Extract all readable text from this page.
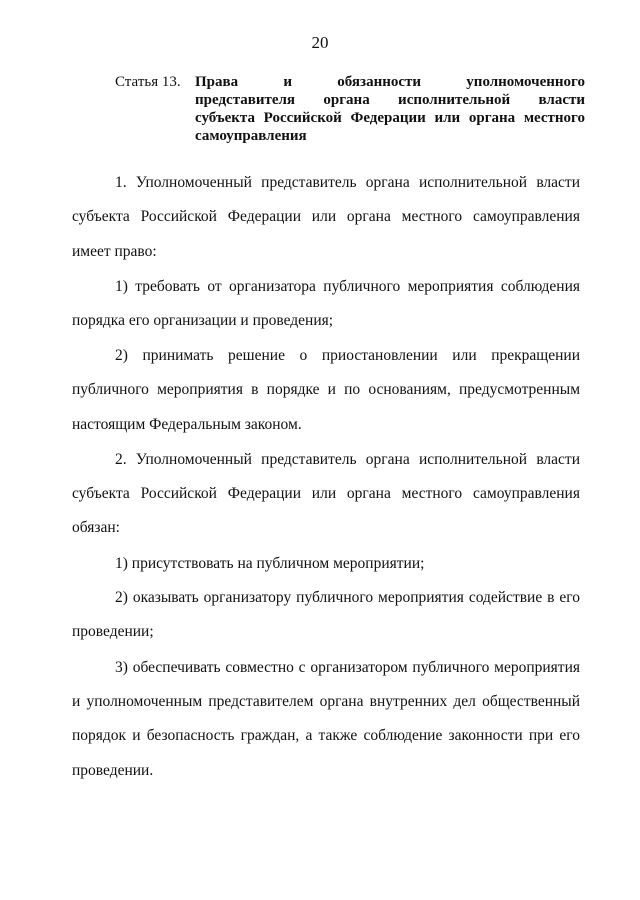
20
Статья 13. Права и обязанности уполномоченного
представителя органа исполнительной власти
субъекта Российской Федерации или органа местного
самоуправления
1. Уполномоченный представитель органа исполнительной власти
субъекта Российской Федерации или органа местного самоуправления
имеет право:
1) требовать от организатора публичного мероприятия соблюдения
порядка его организации и проведения;
2) принимать решение о приостановлении или прекращении
публичного мероприятия в порядке и по основаниям, предусмотренным
настоящим Федеральным законом.
2. Уполномоченный представитель органа исполнительной власти
субъекта Российской Федерации или органа местного самоуправления
обязан:
1) присутствовать на публичном мероприятии;
2) оказывать организатору публичного мероприятия содействие в его
проведении;
3) обеспечивать совместно с организатором публичного мероприятия
и уполномоченным представителем органа внутренних дел общественный
порядок и безопасность граждан, а также соблюдение законности при его
проведении.
